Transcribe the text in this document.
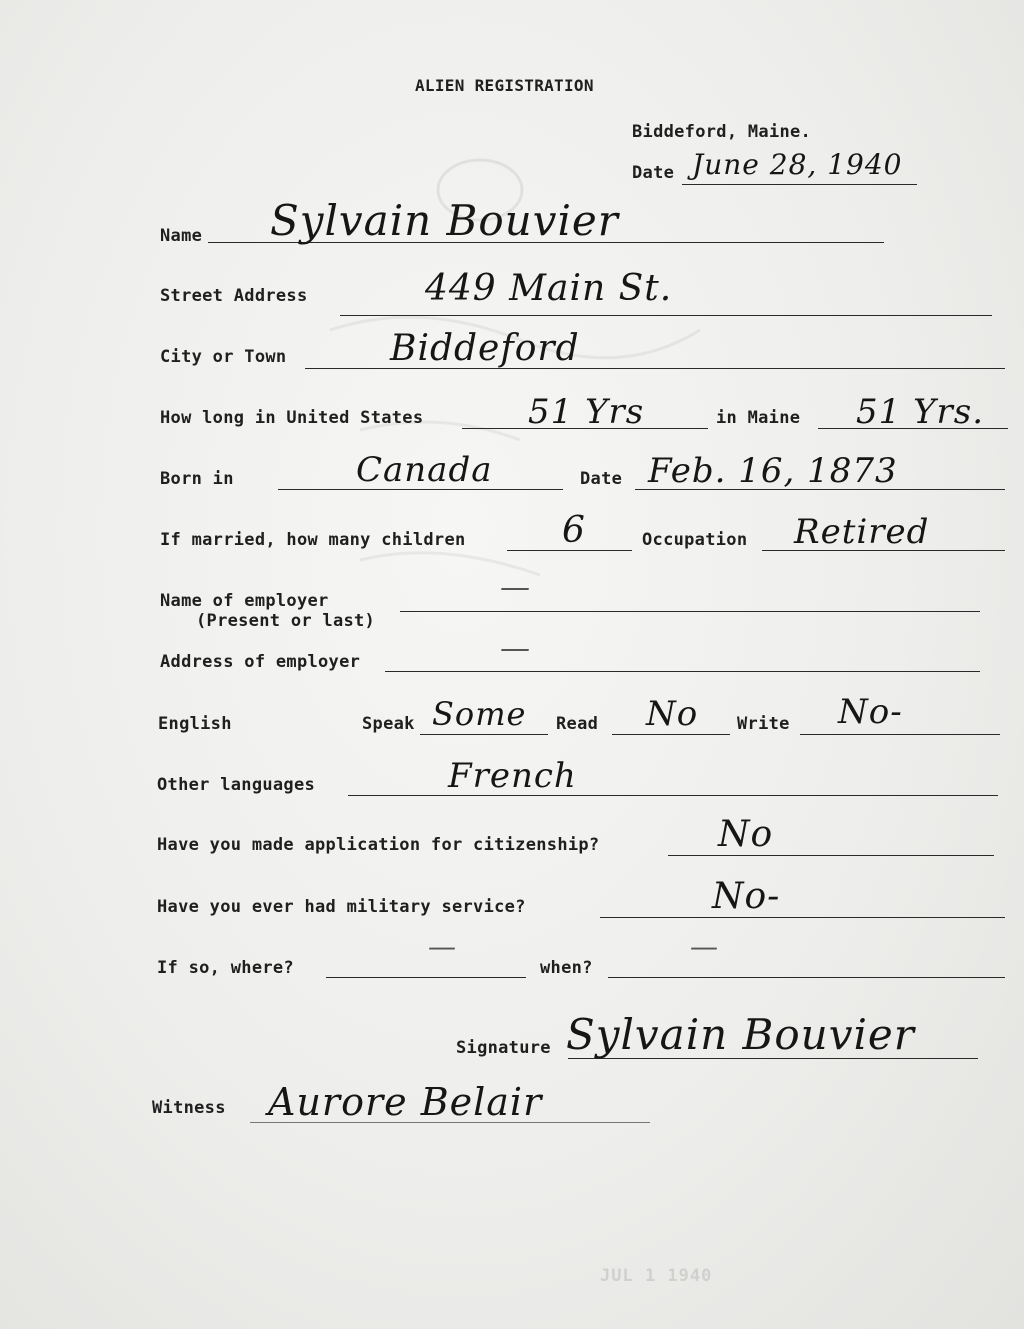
JUL 1 1940
ALIEN REGISTRATION
Biddeford, Maine.
Date June 28, 1940
Name Sylvain Bouvier
Street Address	449 Main St.
City or Town	Biddeford
How long in United States	51 Yrs	in Maine 51 Yrs.
Born in	Canada	Date Feb. 16, 1873
If married, how many children	6	Occupation Retired
Name of employer
(Present or last)
—
Address of employer	—
English	Speak Some Read No Write No-
Other languages	French
Have you made application for citizenship?	No
Have you ever had military service?	No-
If so, where?
—
when?
—
Signature Sylvain Bouvier
Witness Aurore Belair
